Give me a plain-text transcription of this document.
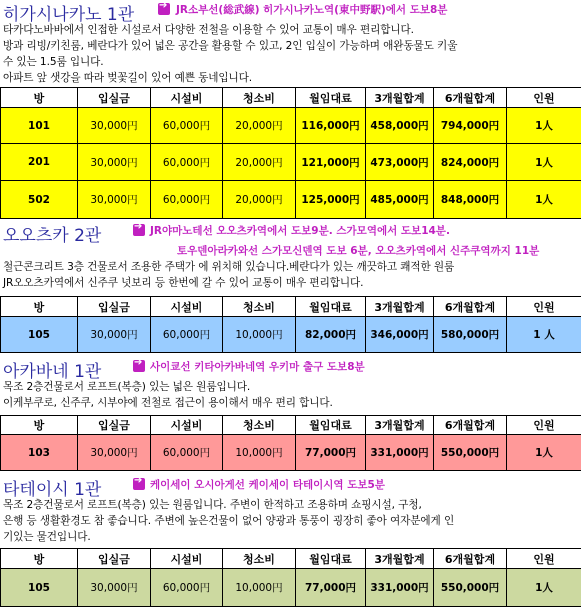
히가시나카노 1관 ➔	JR소부선(総武線) 히가시나카노역(東中野駅)에서 도보8분
타카다노바바에서 인접한 시설로서 다양한 전철을 이용할 수 있어 교통이 매우 편리합니다.
방과 리빙/키친룸, 베란다가 있어 넓은 공간을 활용할 수 있고, 2인 입실이 가능하며 애완동물도 키울
수 있는 1.5룸 입니다.
아파트 앞 샛강을 따라 벚꽃길이 있어 예쁜 동네입니다.
방	입실금	시설비	청소비	월임대료	3개월합계	6개월합계	인원
101	30,000円	60,000円	20,000円	116,000円	458,000円	794,000円	1人
201	30,000円	60,000円	20,000円	121,000円	473,000円	824,000円	1人
502	30,000円	60,000円	20,000円	125,000円	485,000円	848,000円	1人
오오츠카 2관 ➔	JR야마노테선 오오츠카역에서 도보9분. 스가모역에서 도보14분.
토우덴아라카와선 스가모신덴역 도보 6분, 오오츠카역에서 신주쿠역까지 11분
철근콘크리트 3층 건물로서 조용한 주택가 에 위치해 있습니다.베란다가 있는 깨끗하고 쾌적한 원룸
JR오오츠카역에서 신주쿠 넛보리 등 한번에 갈 수 있어 교통이 매우 편리합니다.
방	입실금	시설비	청소비	월임대료	3개월합계	6개월합계	인원
105	30,000円	60,000円	10,000円	82,000円	346,000円	580,000円	1 人
아카바네 1관 ➔	사이쿄선 키타아카바네역 우키마 출구 도보8분
목조 2층건물로서 로프트(복층) 있는 넓은 원룸입니다.
이케부쿠로, 신주쿠, 시부야에 전철로 접근이 용이해서 매우 편리 합니다.
방	입실금	시설비	청소비	월임대료	3개월합계	6개월합계	인원
103	30,000円	60,000円	10,000円	77,000円	331,000円	550,000円	1人
타테이시 1관 ➔	케이세이 오시아게선 케이세이 타테이시역 도보5분
목조 2층건물로서 로프트(복층) 있는 원룸입니다. 주변이 한적하고 조용하며 쇼핑시설, 구청,
은행 등 생활환경도 참 좋습니다. 주변에 높은건물이 없어 양광과 통풍이 굉장히 좋아 여자분에게 인
기있는 물건입니다.
방	입실금	시설비	청소비	월임대료	3개월합계	6개월합계	인원
105	30,000円	60,000円	10,000円	77,000円	331,000円	550,000円	1人
